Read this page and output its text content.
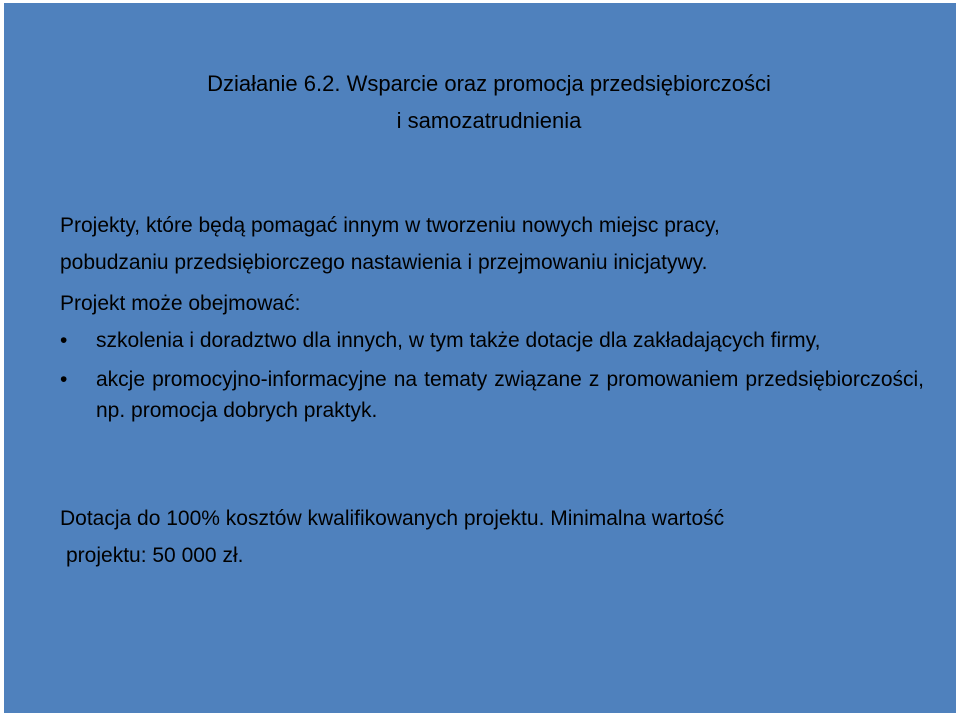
Działanie 6.2. Wsparcie oraz promocja przedsiębiorczości
i samozatrudnienia
Projekty, które będą pomagać innym w tworzeniu nowych miejsc pracy,
pobudzaniu przedsiębiorczego nastawienia i przejmowaniu inicjatywy.
Projekt może obejmować:
•	szkolenia i doradztwo dla innych, w tym także dotacje dla zakładających firmy,
•	akcje promocyjno-informacyjne na tematy związane z promowaniem przedsiębiorczości, np. promocja dobrych praktyk.
Dotacja do 100% kosztów kwalifikowanych projektu. Minimalna wartość
projektu: 50 000 zł.
